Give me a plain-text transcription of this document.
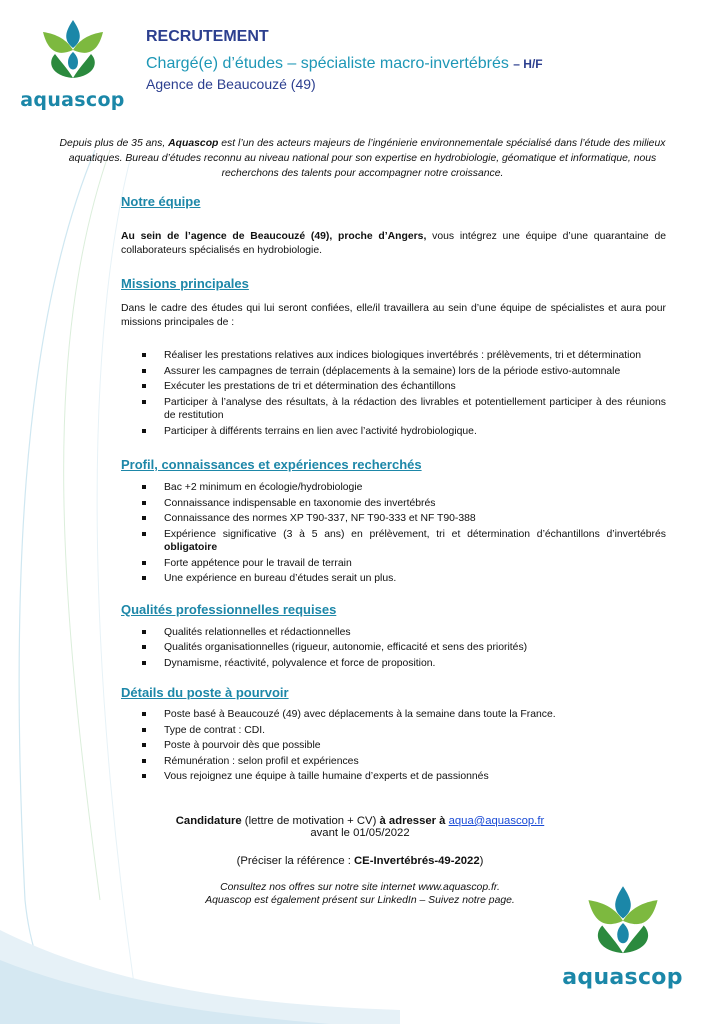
aquascop
RECRUTEMENT
Chargé(e) d’études – spécialiste macro-invertébrés – H/F
Agence de Beaucouzé (49)
Depuis plus de 35 ans, Aquascop est l’un des acteurs majeurs de l’ingénierie environnementale spécialisé dans l’étude des milieux aquatiques. Bureau d’études reconnu au niveau national pour son expertise en hydrobiologie, géomatique et informatique, nous recherchons des talents pour accompagner notre croissance.
Notre équipe

Au sein de l’agence de Beaucouzé (49), proche d’Angers, vous intégrez une équipe d’une quarantaine de collaborateurs spécialisés en hydrobiologie.

Missions principales

Dans le cadre des études qui lui seront confiées, elle/il travaillera au sein d’une équipe de spécialistes et aura pour missions principales de :

Réaliser les prestations relatives aux indices biologiques invertébrés : prélèvements, tri et détermination
Assurer les campagnes de terrain (déplacements à la semaine) lors de la période estivo-automnale
Exécuter les prestations de tri et détermination des échantillons
Participer à l’analyse des résultats, à la rédaction des livrables et potentiellement participer à des réunions de restitution
Participer à différents terrains en lien avec l’activité hydrobiologique.
Profil, connaissances et expériences recherchés
Bac +2 minimum en écologie/hydrobiologie
Connaissance indispensable en taxonomie des invertébrés
Connaissance des normes XP T90-337, NF T90-333 et NF T90-388
Expérience significative (3 à 5 ans) en prélèvement, tri et détermination d’échantillons d’invertébrés obligatoire
Forte appétence pour le travail de terrain
Une expérience en bureau d’études serait un plus.
Qualités professionnelles requises
Qualités relationnelles et rédactionnelles
Qualités organisationnelles (rigueur, autonomie, efficacité et sens des priorités)
Dynamisme, réactivité, polyvalence et force de proposition.
Détails du poste à pourvoir
Poste basé à Beaucouzé (49) avec déplacements à la semaine dans toute la France.
Type de contrat : CDI.
Poste à pourvoir dès que possible
Rémunération : selon profil et expériences
Vous rejoignez une équipe à taille humaine d’experts et de passionnés
Candidature (lettre de motivation + CV) à adresser à aqua@aquascop.fr
avant le 01/05/2022
(Préciser la référence : CE-Invertébrés-49-2022)
Consultez nos offres sur notre site internet www.aquascop.fr.
Aquascop est également présent sur LinkedIn – Suivez notre page.
aquascop
